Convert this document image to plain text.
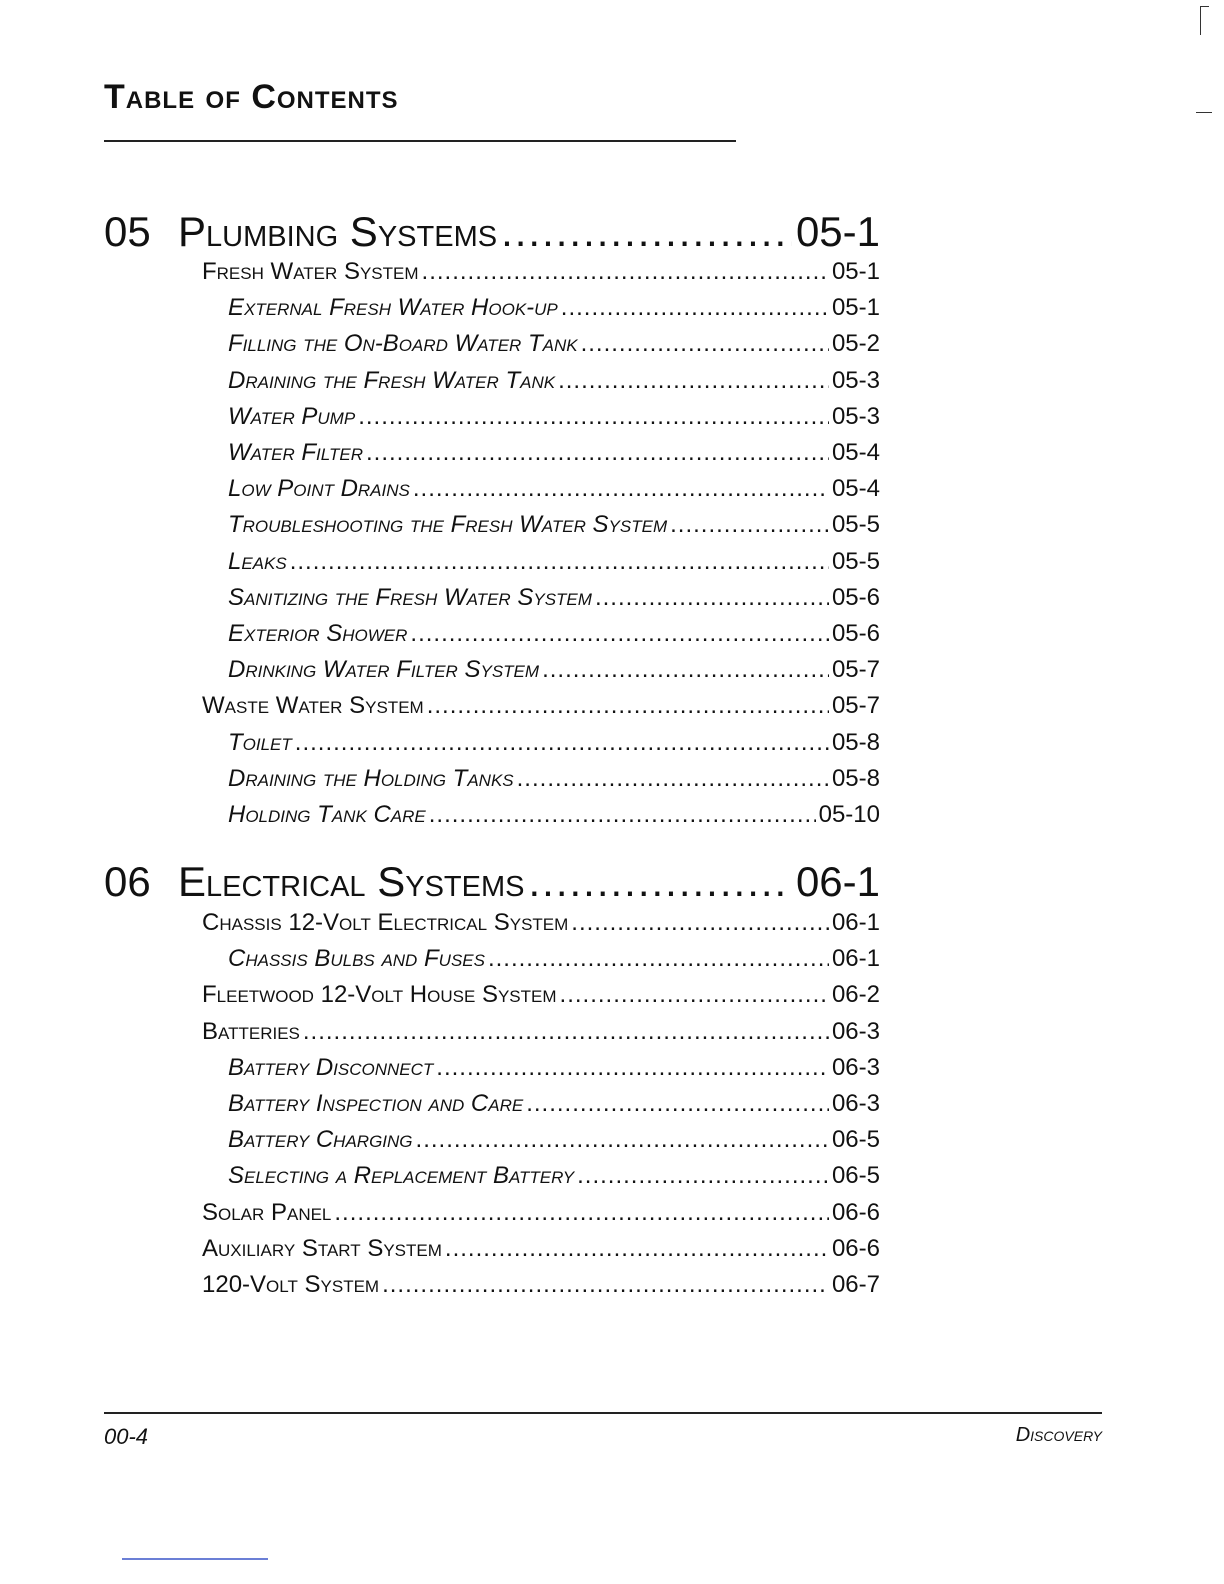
Table of Contents
05 Plumbing Systems .....	05-1
Fresh Water System .....	05-1
External Fresh Water Hook-up .....	05-1
Filling the On-Board Water Tank .....	05-2
Draining the Fresh Water Tank .....	05-3
Water Pump .....	05-3
Water Filter .....	05-4
Low Point Drains .....	05-4
Troubleshooting the Fresh Water System .....	05-5
Leaks .....	05-5
Sanitizing the Fresh Water System .....	05-6
Exterior Shower .....	05-6
Drinking Water Filter System .....	05-7
Waste Water System .....	05-7
Toilet .....	05-8
Draining the Holding Tanks .....	05-8
Holding Tank Care .....	05-10
06 Electrical Systems .....	06-1
Chassis 12-Volt Electrical System .....	06-1
Chassis Bulbs and Fuses .....	06-1
Fleetwood 12-Volt House System .....	06-2
Batteries .....	06-3
Battery Disconnect .....	06-3
Battery Inspection and Care .....	06-3
Battery Charging .....	06-5
Selecting a Replacement Battery .....	06-5
Solar Panel .....	06-6
Auxiliary Start System .....	06-6
120-Volt System .....	06-7
00-4	Discovery
